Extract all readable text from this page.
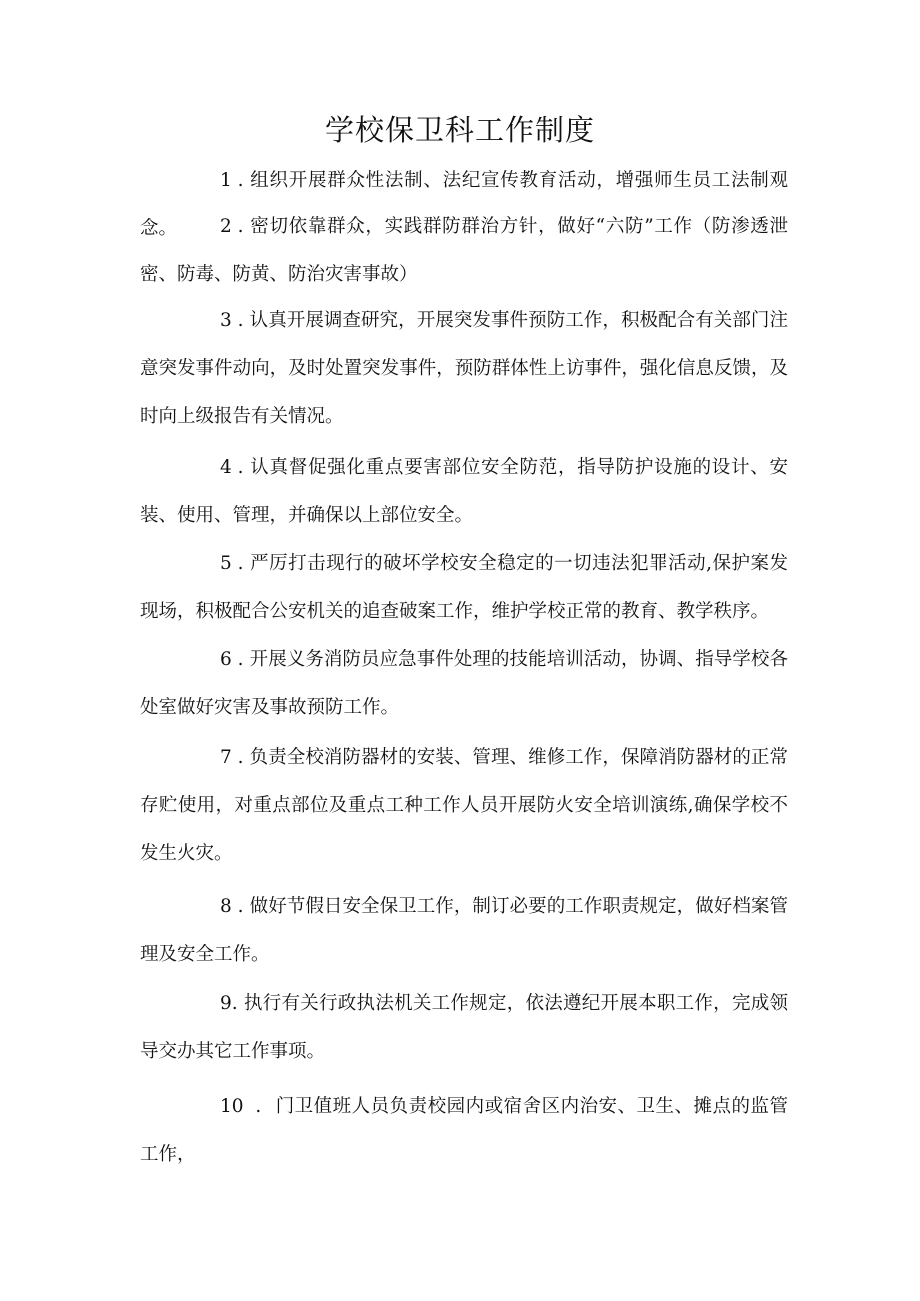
学校保卫科工作制度

1 . 组织开展群众性法制、法纪宣传教育活动，增强师生员工法制观念。	2 . 密切依靠群众，实践群防群治方针，做好“六防”工作（防渗透泄密、防毒、防黄、防治灾害事故）

3 . 认真开展调查研究，开展突发事件预防工作，积极配合有关部门注意突发事件动向，及时处置突发事件，预防群体性上访事件，强化信息反馈，及时向上级报告有关情况。

4 . 认真督促强化重点要害部位安全防范，指导防护设施的设计、安装、使用、管理，并确保以上部位安全。

5 . 严厉打击现行的破坏学校安全稳定的一切违法犯罪活动,保护案发现场，积极配合公安机关的追查破案工作，维护学校正常的教育、教学秩序。

6 . 开展义务消防员应急事件处理的技能培训活动，协调、指导学校各处室做好灾害及事故预防工作。

7 . 负责全校消防器材的安装、管理、维修工作，保障消防器材的正常存贮使用，对重点部位及重点工种工作人员开展防火安全培训演练,确保学校不发生火灾。

8 . 做好节假日安全保卫工作，制订必要的工作职责规定，做好档案管理及安全工作。

9. 执行有关行政执法机关工作规定，依法遵纪开展本职工作，完成领导交办其它工作事项。

10 . 门卫值班人员负责校园内或宿舍区内治安、卫生、摊点的监管工作，
